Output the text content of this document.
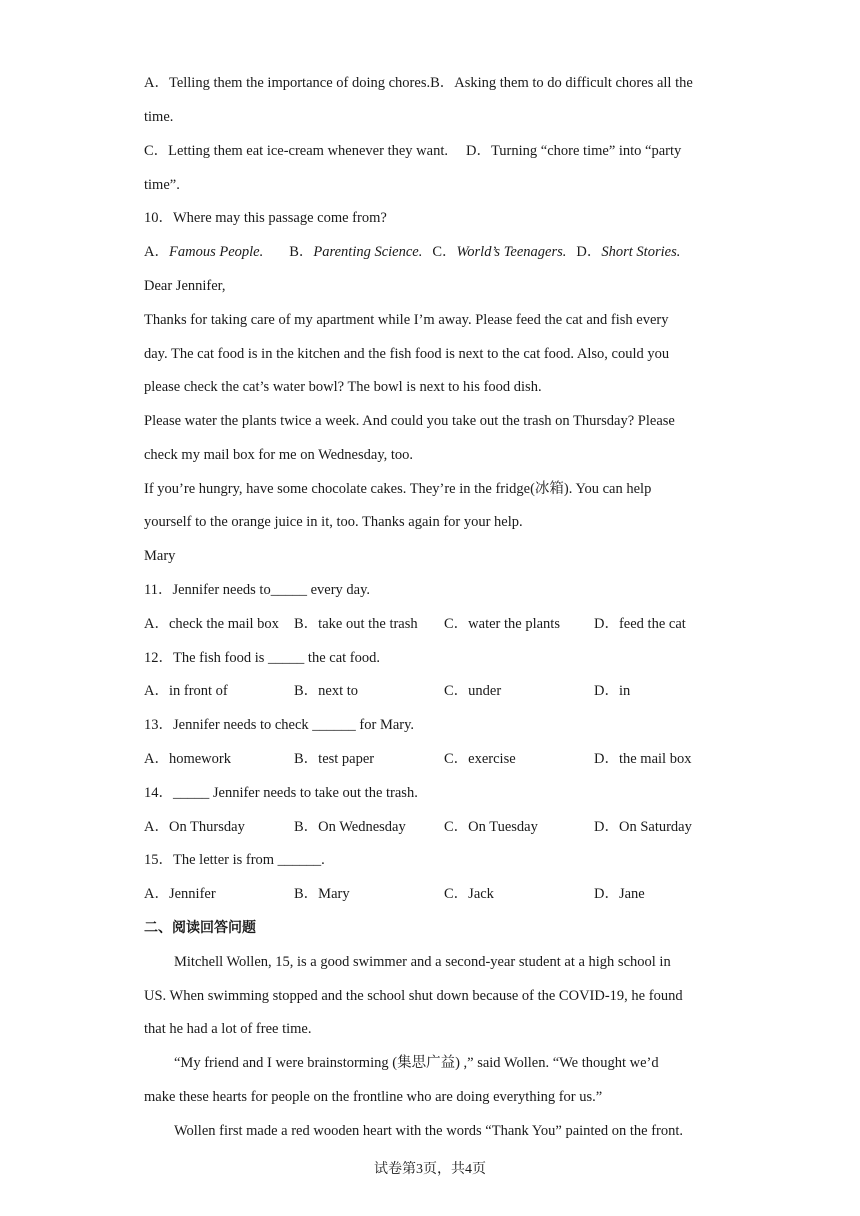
A．Telling them the importance of doing chores.B．Asking them to do difficult chores all the
time.
C．Letting them eat ice-cream whenever they want. D．Turning “chore time” into “party
time”.
10．Where may this passage come from?
A．Famous People. B．Parenting Science. C．World’s Teenagers. D．Short Stories.
Dear Jennifer,
Thanks for taking care of my apartment while I’m away. Please feed the cat and fish every
day. The cat food is in the kitchen and the fish food is next to the cat food. Also, could you
please check the cat’s water bowl? The bowl is next to his food dish.
Please water the plants twice a week. And could you take out the trash on Thursday? Please
check my mail box for me on Wednesday, too.
If you’re hungry, have some chocolate cakes. They’re in the fridge(冰箱). You can help
yourself to the orange juice in it, too. Thanks again for your help.
Mary
11．Jennifer needs to_____ every day.
A．check the mail box B．take out the trash C．water the plants D．feed the cat
12．The fish food is _____ the cat food.
A．in front of	B．next to	C．under	D．in
13．Jennifer needs to check ______ for Mary.
A．homework	B．test paper	C．exercise	D．the mail box
14．_____ Jennifer needs to take out the trash.
A．On Thursday	B．On Wednesday	C．On Tuesday	D．On Saturday
15．The letter is from ______.
A．Jennifer	B．Mary	C．Jack	D．Jane
二、阅读回答问题
Mitchell Wollen, 15, is a good swimmer and a second-year student at a high school in
US. When swimming stopped and the school shut down because of the COVID-19, he found
that he had a lot of free time.
“My friend and I were brainstorming (集思广益) ,” said Wollen. “We thought we’d
make these hearts for people on the frontline who are doing everything for us.”
Wollen first made a red wooden heart with the words “Thank You” painted on the front.
试卷第3页，共4页
